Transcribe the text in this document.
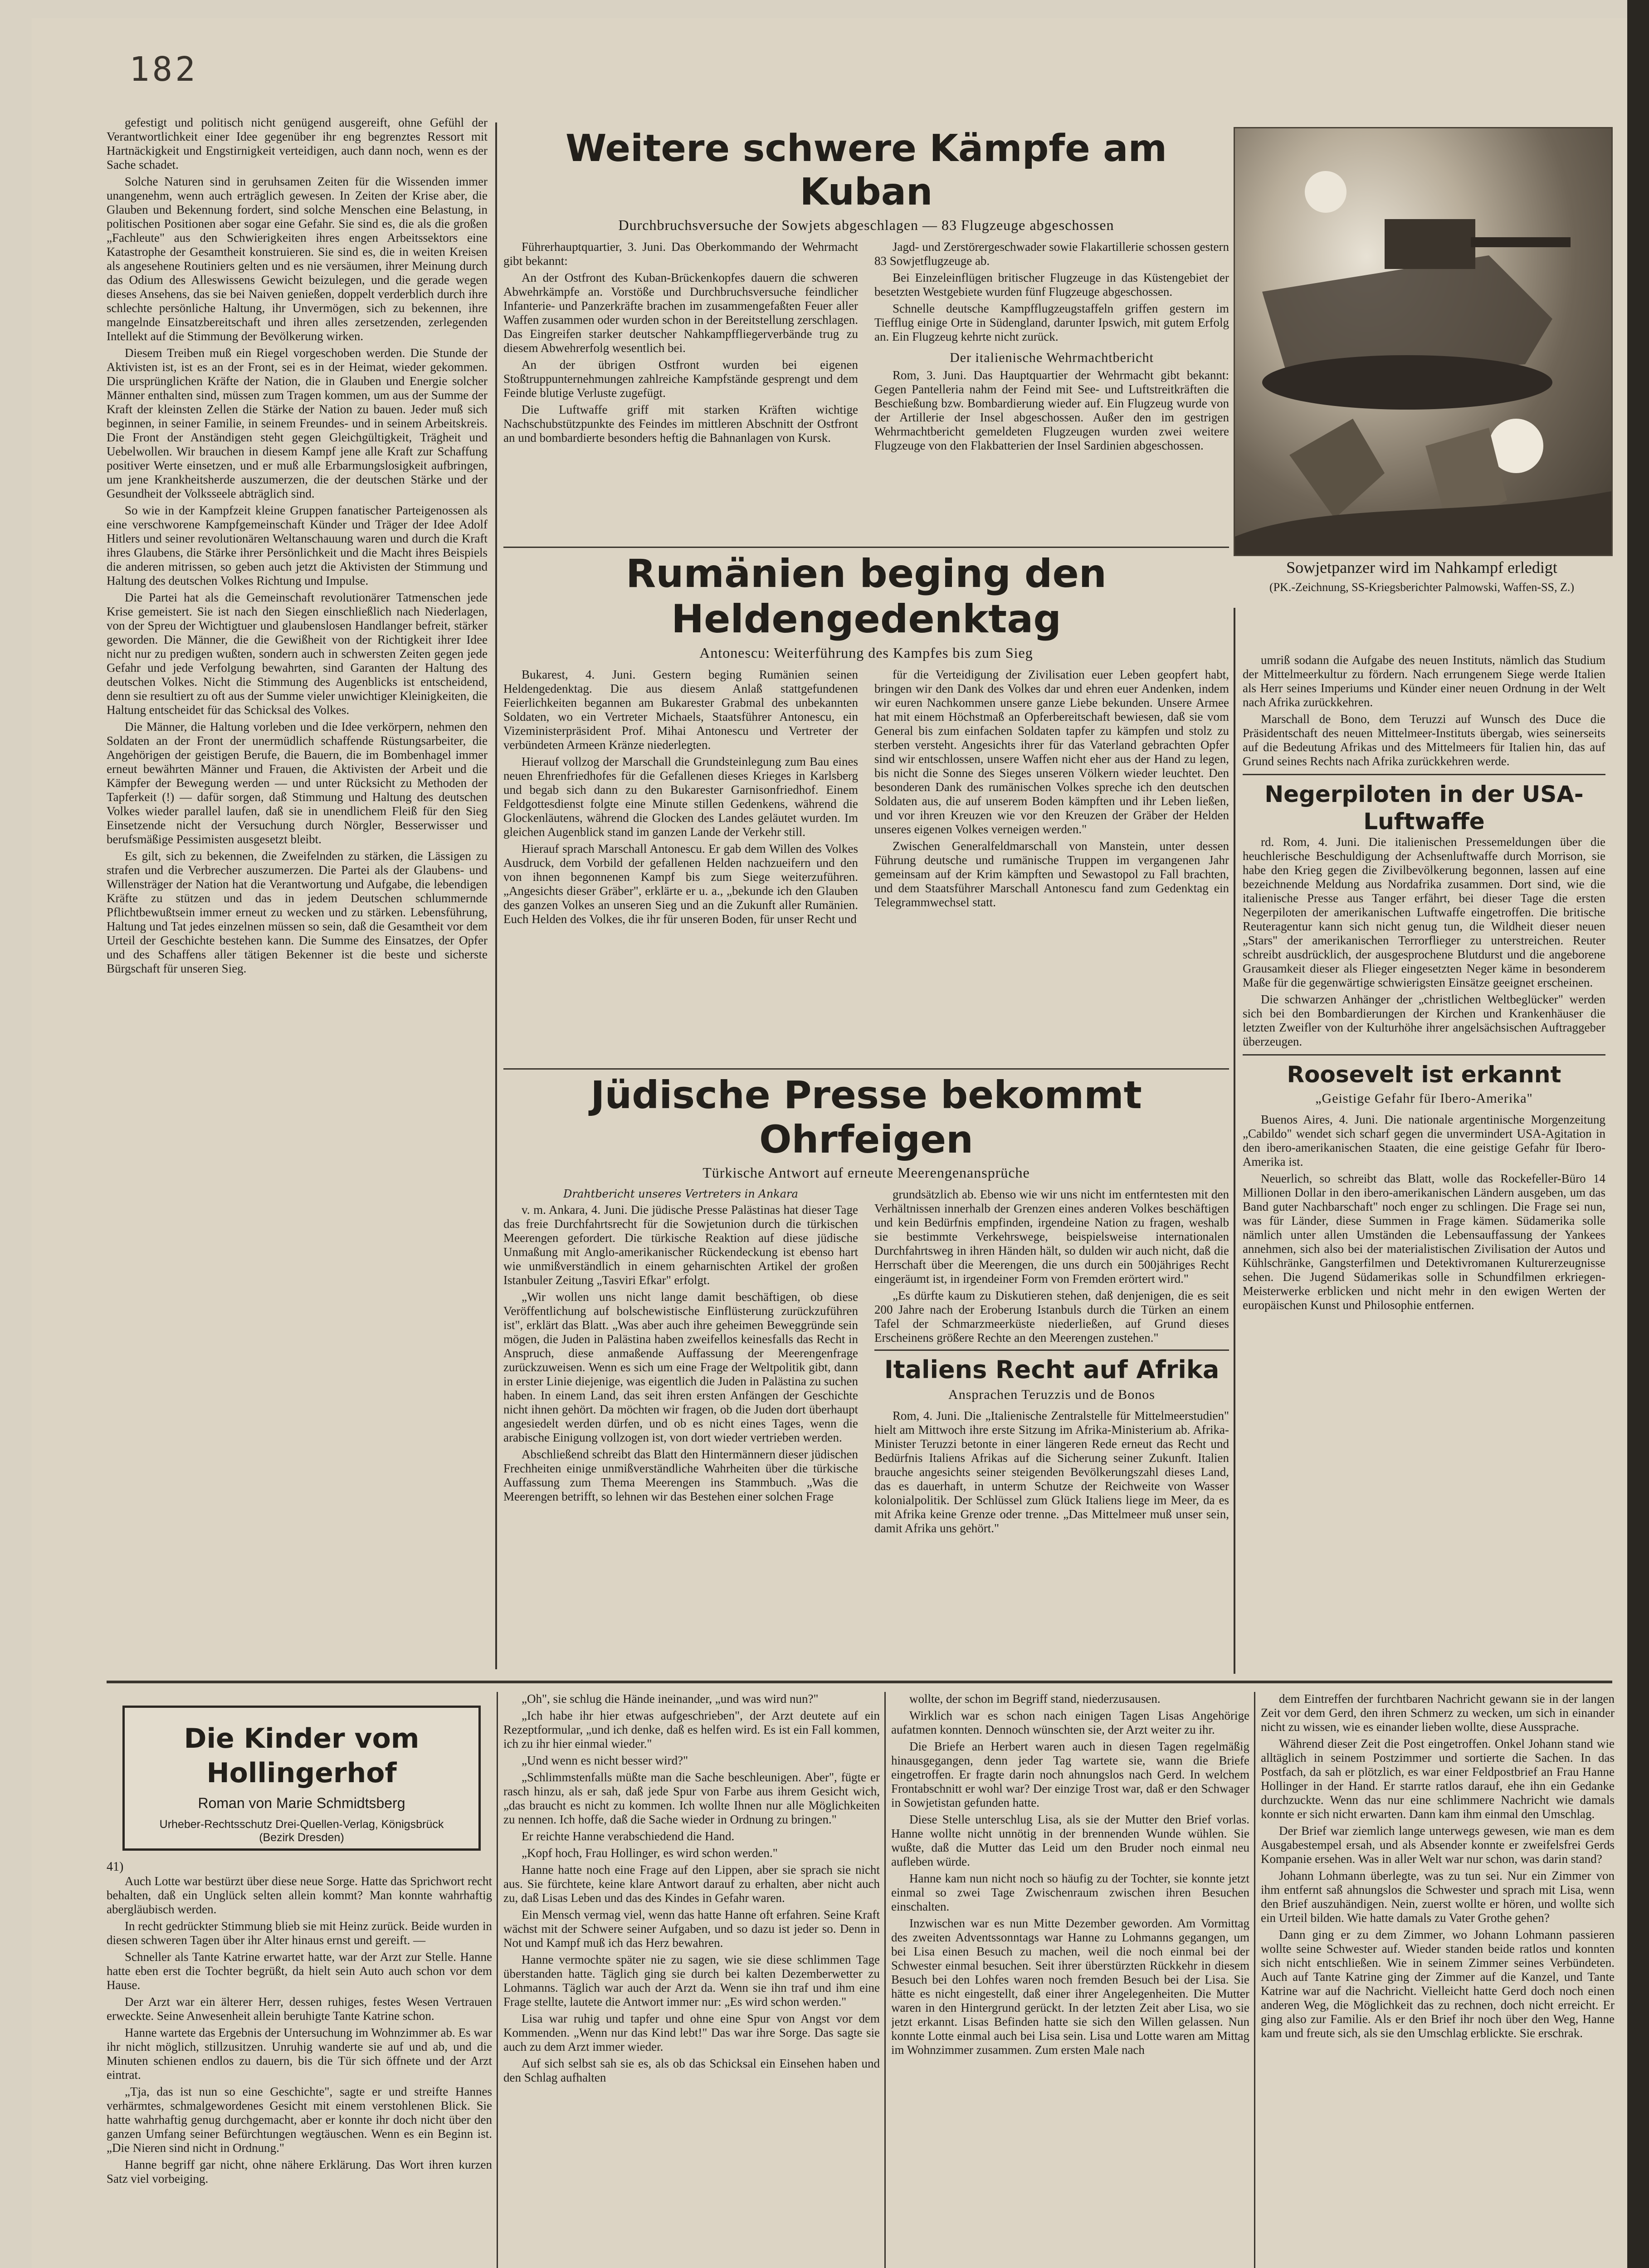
182

gefestigt und politisch nicht genügend ausgereift, ohne Gefühl der Verantwortlichkeit einer Idee gegenüber ihr eng begrenztes Ressort mit Hartnäckigkeit und Engstirnigkeit verteidigen, auch dann noch, wenn es der Sache schadet.

Solche Naturen sind in geruhsamen Zeiten für die Wissenden immer unangenehm, wenn auch erträglich gewesen. In Zeiten der Krise aber, die Glauben und Bekennung fordert, sind solche Menschen eine Belastung, in politischen Positionen aber sogar eine Gefahr. Sie sind es, die als die großen „Fachleute" aus den Schwierigkeiten ihres engen Arbeitssektors eine Katastrophe der Gesamtheit konstruieren. Sie sind es, die in weiten Kreisen als angesehene Routiniers gelten und es nie versäumen, ihrer Meinung durch das Odium des Alleswissens Gewicht beizulegen, und die gerade wegen dieses Ansehens, das sie bei Naiven genießen, doppelt verderblich durch ihre schlechte persönliche Haltung, ihr Unvermögen, sich zu bekennen, ihre mangelnde Einsatzbereitschaft und ihren alles zersetzenden, zerlegenden Intellekt auf die Stimmung der Bevölkerung wirken.

Diesem Treiben muß ein Riegel vorgeschoben werden. Die Stunde der Aktivisten ist, ist es an der Front, sei es in der Heimat, wieder gekommen. Die ursprünglichen Kräfte der Nation, die in Glauben und Energie solcher Männer enthalten sind, müssen zum Tragen kommen, um aus der Summe der Kraft der kleinsten Zellen die Stärke der Nation zu bauen. Jeder muß sich beginnen, in seiner Familie, in seinem Freundes- und in seinem Arbeitskreis. Die Front der Anständigen steht gegen Gleichgültigkeit, Trägheit und Uebelwollen. Wir brauchen in diesem Kampf jene alle Kraft zur Schaffung positiver Werte einsetzen, und er muß alle Erbarmungslosigkeit aufbringen, um jene Krankheitsherde auszumerzen, die der deutschen Stärke und der Gesundheit der Volksseele abträglich sind.

So wie in der Kampfzeit kleine Gruppen fanatischer Parteigenossen als eine verschworene Kampfgemeinschaft Künder und Träger der Idee Adolf Hitlers und seiner revolutionären Weltanschauung waren und durch die Kraft ihres Glaubens, die Stärke ihrer Persönlichkeit und die Macht ihres Beispiels die anderen mitrissen, so geben auch jetzt die Aktivisten der Stimmung und Haltung des deutschen Volkes Richtung und Impulse.

Die Partei hat als die Gemeinschaft revolutionärer Tatmenschen jede Krise gemeistert. Sie ist nach den Siegen einschließlich nach Niederlagen, von der Spreu der Wichtigtuer und glaubenslosen Handlanger befreit, stärker geworden. Die Männer, die die Gewißheit von der Richtigkeit ihrer Idee nicht nur zu predigen wußten, sondern auch in schwersten Zeiten gegen jede Gefahr und jede Verfolgung bewahrten, sind Garanten der Haltung des deutschen Volkes. Nicht die Stimmung des Augenblicks ist entscheidend, denn sie resultiert zu oft aus der Summe vieler unwichtiger Kleinigkeiten, die Haltung entscheidet für das Schicksal des Volkes.

Die Männer, die Haltung vorleben und die Idee verkörpern, nehmen den Soldaten an der Front der unermüdlich schaffende Rüstungsarbeiter, die Angehörigen der geistigen Berufe, die Bauern, die im Bombenhagel immer erneut bewährten Männer und Frauen, die Aktivisten der Arbeit und die Kämpfer der Bewegung werden — und unter Rücksicht zu Methoden der Tapferkeit (!) — dafür sorgen, daß Stimmung und Haltung des deutschen Volkes wieder parallel laufen, daß sie in unendlichem Fleiß für den Sieg Einsetzende nicht der Versuchung durch Nörgler, Besserwisser und berufsmäßige Pessimisten ausgesetzt bleibt.

Es gilt, sich zu bekennen, die Zweifelnden zu stärken, die Lässigen zu strafen und die Verbrecher auszumerzen. Die Partei als der Glaubens- und Willensträger der Nation hat die Verantwortung und Aufgabe, die lebendigen Kräfte zu stützen und das in jedem Deutschen schlummernde Pflichtbewußtsein immer erneut zu wecken und zu stärken. Lebensführung, Haltung und Tat jedes einzelnen müssen so sein, daß die Gesamtheit vor dem Urteil der Geschichte bestehen kann. Die Summe des Einsatzes, der Opfer und des Schaffens aller tätigen Bekenner ist die beste und sicherste Bürgschaft für unseren Sieg.

Weitere schwere Kämpfe am Kuban
Durchbruchsversuche der Sowjets abgeschlagen — 83 Flugzeuge abgeschossen

Führerhauptquartier, 3. Juni. Das Oberkommando der Wehrmacht gibt bekannt:

An der Ostfront des Kuban-Brückenkopfes dauern die schweren Abwehrkämpfe an. Vorstöße und Durchbruchsversuche feindlicher Infanterie- und Panzerkräfte brachen im zusammengefaßten Feuer aller Waffen zusammen oder wurden schon in der Bereitstellung zerschlagen. Das Eingreifen starker deutscher Nahkampffliegerverbände trug zu diesem Abwehrerfolg wesentlich bei.

An der übrigen Ostfront wurden bei eigenen Stoßtruppunternehmungen zahlreiche Kampfstände gesprengt und dem Feinde blutige Verluste zugefügt.

Die Luftwaffe griff mit starken Kräften wichtige Nachschubstützpunkte des Feindes im mittleren Abschnitt der Ostfront an und bombardierte besonders heftig die Bahnanlagen von Kursk.

Jagd- und Zerstörergeschwader sowie Flakartillerie schossen gestern 83 Sowjetflugzeuge ab.

Bei Einzeleinflügen britischer Flugzeuge in das Küstengebiet der besetzten Westgebiete wurden fünf Flugzeuge abgeschossen.

Schnelle deutsche Kampfflugzeugstaffeln griffen gestern im Tiefflug einige Orte in Südengland, darunter Ipswich, mit gutem Erfolg an. Ein Flugzeug kehrte nicht zurück.

Der italienische Wehrmachtbericht

Rom, 3. Juni. Das Hauptquartier der Wehrmacht gibt bekannt: Gegen Pantelleria nahm der Feind mit See- und Luftstreitkräften die Beschießung bzw. Bombardierung wieder auf. Ein Flugzeug wurde von der Artillerie der Insel abgeschossen. Außer den im gestrigen Wehrmachtbericht gemeldeten Flugzeugen wurden zwei weitere Flugzeuge von den Flakbatterien der Insel Sardinien abgeschossen.

Sowjetpanzer wird im Nahkampf erledigt
(PK.-Zeichnung, SS-Kriegsberichter Palmowski, Waffen-SS, Z.)
Rumänien beging den Heldengedenktag
Antonescu: Weiterführung des Kampfes bis zum Sieg

Bukarest, 4. Juni. Gestern beging Rumänien seinen Heldengedenktag. Die aus diesem Anlaß stattgefundenen Feierlichkeiten begannen am Bukarester Grabmal des unbekannten Soldaten, wo ein Vertreter Michaels, Staatsführer Antonescu, ein Vizeministerpräsident Prof. Mihai Antonescu und Vertreter der verbündeten Armeen Kränze niederlegten.

Hierauf vollzog der Marschall die Grundsteinlegung zum Bau eines neuen Ehrenfriedhofes für die Gefallenen dieses Krieges in Karlsberg und begab sich dann zu den Bukarester Garnisonfriedhof. Einem Feldgottesdienst folgte eine Minute stillen Gedenkens, während die Glockenläutens, während die Glocken des Landes geläutet wurden. Im gleichen Augenblick stand im ganzen Lande der Verkehr still.

Hierauf sprach Marschall Antonescu. Er gab dem Willen des Volkes Ausdruck, dem Vorbild der gefallenen Helden nachzueifern und den von ihnen begonnenen Kampf bis zum Siege weiterzuführen. „Angesichts dieser Gräber", erklärte er u. a., „bekunde ich den Glauben des ganzen Volkes an unseren Sieg und an die Zukunft aller Rumänien. Euch Helden des Volkes, die ihr für unseren Boden, für unser Recht und

für die Verteidigung der Zivilisation euer Leben geopfert habt, bringen wir den Dank des Volkes dar und ehren euer Andenken, indem wir euren Nachkommen unsere ganze Liebe bekunden. Unsere Armee hat mit einem Höchstmaß an Opferbereitschaft bewiesen, daß sie vom General bis zum einfachen Soldaten tapfer zu kämpfen und stolz zu sterben versteht. Angesichts ihrer für das Vaterland gebrachten Opfer sind wir entschlossen, unsere Waffen nicht eher aus der Hand zu legen, bis nicht die Sonne des Sieges unseren Völkern wieder leuchtet. Den besonderen Dank des rumänischen Volkes spreche ich den deutschen Soldaten aus, die auf unserem Boden kämpften und ihr Leben ließen, und vor ihren Kreuzen wie vor den Kreuzen der Gräber der Helden unseres eigenen Volkes verneigen werden."

Zwischen Generalfeldmarschall von Manstein, unter dessen Führung deutsche und rumänische Truppen im vergangenen Jahr gemeinsam auf der Krim kämpften und Sewastopol zu Fall brachten, und dem Staatsführer Marschall Antonescu fand zum Gedenktag ein Telegrammwechsel statt.

Jüdische Presse bekommt Ohrfeigen
Türkische Antwort auf erneute Meerengenansprüche
Drahtbericht unseres Vertreters in Ankara

v. m. Ankara, 4. Juni. Die jüdische Presse Palästinas hat dieser Tage das freie Durchfahrtsrecht für die Sowjetunion durch die türkischen Meerengen gefordert. Die türkische Reaktion auf diese jüdische Unmaßung mit Anglo-amerikanischer Rückendeckung ist ebenso hart wie unmißverständlich in einem geharnischten Artikel der großen Istanbuler Zeitung „Tasviri Efkar" erfolgt.

„Wir wollen uns nicht lange damit beschäftigen, ob diese Veröffentlichung auf bolschewistische Einflüsterung zurückzuführen ist", erklärt das Blatt. „Was aber auch ihre geheimen Beweggründe sein mögen, die Juden in Palästina haben zweifellos keinesfalls das Recht in Anspruch, diese anmaßende Auffassung der Meerengenfrage zurückzuweisen. Wenn es sich um eine Frage der Weltpolitik gibt, dann in erster Linie diejenige, was eigentlich die Juden in Palästina zu suchen haben. In einem Land, das seit ihren ersten Anfängen der Geschichte nicht ihnen gehört. Da möchten wir fragen, ob die Juden dort überhaupt angesiedelt werden dürfen, und ob es nicht eines Tages, wenn die arabische Einigung vollzogen ist, von dort wieder vertrieben werden.

Abschließend schreibt das Blatt den Hintermännern dieser jüdischen Frechheiten einige unmißverständliche Wahrheiten über die türkische Auffassung zum Thema Meerengen ins Stammbuch. „Was die Meerengen betrifft, so lehnen wir das Bestehen einer solchen Frage

grundsätzlich ab. Ebenso wie wir uns nicht im entferntesten mit den Verhältnissen innerhalb der Grenzen eines anderen Volkes beschäftigen und kein Bedürfnis empfinden, irgendeine Nation zu fragen, weshalb sie bestimmte Verkehrswege, beispielsweise internationalen Durchfahrtsweg in ihren Händen hält, so dulden wir auch nicht, daß die Herrschaft über die Meerengen, die uns durch ein 500jähriges Recht eingeräumt ist, in irgendeiner Form von Fremden erörtert wird."

„Es dürfte kaum zu Diskutieren stehen, daß denjenigen, die es seit 200 Jahre nach der Eroberung Istanbuls durch die Türken an einem Tafel der Schmarzmeerküste niederließen, auf Grund dieses Erscheinens größere Rechte an den Meerengen zustehen."

Italiens Recht auf Afrika
Ansprachen Teruzzis und de Bonos

Rom, 4. Juni. Die „Italienische Zentralstelle für Mittelmeerstudien" hielt am Mittwoch ihre erste Sitzung im Afrika-Ministerium ab. Afrika-Minister Teruzzi betonte in einer längeren Rede erneut das Recht und Bedürfnis Italiens Afrikas auf die Sicherung seiner Zukunft. Italien brauche angesichts seiner steigenden Bevölkerungszahl dieses Land, das es dauerhaft, in unterm Schutze der Reichweite von Wasser kolonialpolitik. Der Schlüssel zum Glück Italiens liege im Meer, da es mit Afrika keine Grenze oder trenne. „Das Mittelmeer muß unser sein, damit Afrika uns gehört."

umriß sodann die Aufgabe des neuen Instituts, nämlich das Studium der Mittelmeerkultur zu fördern. Nach errungenem Siege werde Italien als Herr seines Imperiums und Künder einer neuen Ordnung in der Welt nach Afrika zurückkehren.

Marschall de Bono, dem Teruzzi auf Wunsch des Duce die Präsidentschaft des neuen Mittelmeer-Instituts übergab, wies seinerseits auf die Bedeutung Afrikas und des Mittelmeers für Italien hin, das auf Grund seines Rechts nach Afrika zurückkehren werde.

Negerpiloten in der USA-Luftwaffe

rd. Rom, 4. Juni. Die italienischen Pressemeldungen über die heuchlerische Beschuldigung der Achsenluftwaffe durch Morrison, sie habe den Krieg gegen die Zivilbevölkerung begonnen, lassen auf eine bezeichnende Meldung aus Nordafrika zusammen. Dort sind, wie die italienische Presse aus Tanger erfährt, bei dieser Tage die ersten Negerpiloten der amerikanischen Luftwaffe eingetroffen. Die britische Reuteragentur kann sich nicht genug tun, die Wildheit dieser neuen „Stars" der amerikanischen Terrorflieger zu unterstreichen. Reuter schreibt ausdrücklich, der ausgesprochene Blutdurst und die angeborene Grausamkeit dieser als Flieger eingesetzten Neger käme in besonderem Maße für die gegenwärtige schwierigsten Einsätze geeignet erscheinen.

Die schwarzen Anhänger der „christlichen Weltbeglücker" werden sich bei den Bombardierungen der Kirchen und Krankenhäuser die letzten Zweifler von der Kulturhöhe ihrer angelsächsischen Auftraggeber überzeugen.

Roosevelt ist erkannt
„Geistige Gefahr für Ibero-Amerika"

Buenos Aires, 4. Juni. Die nationale argentinische Morgenzeitung „Cabildo" wendet sich scharf gegen die unvermindert USA-Agitation in den ibero-amerikanischen Staaten, die eine geistige Gefahr für Ibero-Amerika ist.

Neuerlich, so schreibt das Blatt, wolle das Rockefeller-Büro 14 Millionen Dollar in den ibero-amerikanischen Ländern ausgeben, um das Band guter Nachbarschaft" noch enger zu schlingen. Die Frage sei nun, was für Länder, diese Summen in Frage kämen. Südamerika solle nämlich unter allen Umständen die Lebensauffassung der Yankees annehmen, sich also bei der materialistischen Zivilisation der Autos und Kühlschränke, Gangsterfilmen und Detektivromanen Kulturerzeugnisse sehen. Die Jugend Südamerikas solle in Schundfilmen erkriegen-Meisterwerke erblicken und nicht mehr in den ewigen Werten der europäischen Kunst und Philosophie entfernen.

Die Kinder vom Hollingerhof
Roman von Marie Schmidtsberg
Urheber-Rechtsschutz Drei-Quellen-Verlag, Königsbrück (Bezirk Dresden)
41)

Auch Lotte war bestürzt über diese neue Sorge. Hatte das Sprichwort recht behalten, daß ein Unglück selten allein kommt? Man konnte wahrhaftig abergläubisch werden.

In recht gedrückter Stimmung blieb sie mit Heinz zurück. Beide wurden in diesen schweren Tagen über ihr Alter hinaus ernst und gereift. —

Schneller als Tante Katrine erwartet hatte, war der Arzt zur Stelle. Hanne hatte eben erst die Tochter begrüßt, da hielt sein Auto auch schon vor dem Hause.

Der Arzt war ein älterer Herr, dessen ruhiges, festes Wesen Vertrauen erweckte. Seine Anwesenheit allein beruhigte Tante Katrine schon.

Hanne wartete das Ergebnis der Untersuchung im Wohnzimmer ab. Es war ihr nicht möglich, stillzusitzen. Unruhig wanderte sie auf und ab, und die Minuten schienen endlos zu dauern, bis die Tür sich öffnete und der Arzt eintrat.

„Tja, das ist nun so eine Geschichte", sagte er und streifte Hannes verhärmtes, schmalgewordenes Gesicht mit einem verstohlenen Blick. Sie hatte wahrhaftig genug durchgemacht, aber er konnte ihr doch nicht über den ganzen Umfang seiner Befürchtungen wegtäuschen. Wenn es ein Beginn ist. „Die Nieren sind nicht in Ordnung."

Hanne begriff gar nicht, ohne nähere Erklärung. Das Wort ihren kurzen Satz viel vorbeiging.

„Oh", sie schlug die Hände ineinander, „und was wird nun?"

„Ich habe ihr hier etwas aufgeschrieben", der Arzt deutete auf ein Rezeptformular, „und ich denke, daß es helfen wird. Es ist ein Fall kommen, ich zu ihr hier einmal wieder."

„Und wenn es nicht besser wird?"

„Schlimmstenfalls müßte man die Sache beschleunigen. Aber", fügte er rasch hinzu, als er sah, daß jede Spur von Farbe aus ihrem Gesicht wich, „das braucht es nicht zu kommen. Ich wollte Ihnen nur alle Möglichkeiten zu nennen. Ich hoffe, daß die Sache wieder in Ordnung zu bringen."

Er reichte Hanne verabschiedend die Hand.

„Kopf hoch, Frau Hollinger, es wird schon werden."

Hanne hatte noch eine Frage auf den Lippen, aber sie sprach sie nicht aus. Sie fürchtete, keine klare Antwort darauf zu erhalten, aber nicht auch zu, daß Lisas Leben und das des Kindes in Gefahr waren.

Ein Mensch vermag viel, wenn das hatte Hanne oft erfahren. Seine Kraft wächst mit der Schwere seiner Aufgaben, und so dazu ist jeder so. Denn in Not und Kampf muß ich das Herz bewahren.

Hanne vermochte später nie zu sagen, wie sie diese schlimmen Tage überstanden hatte. Täglich ging sie durch bei kalten Dezemberwetter zu Lohmanns. Täglich war auch der Arzt da. Wenn sie ihn traf und ihm eine Frage stellte, lautete die Antwort immer nur: „Es wird schon werden."

Lisa war ruhig und tapfer und ohne eine Spur von Angst vor dem Kommenden. „Wenn nur das Kind lebt!" Das war ihre Sorge. Das sagte sie auch zu dem Arzt immer wieder.

Auf sich selbst sah sie es, als ob das Schicksal ein Einsehen haben und den Schlag aufhalten

wollte, der schon im Begriff stand, niederzusausen.

Wirklich war es schon nach einigen Tagen Lisas Angehörige aufatmen konnten. Dennoch wünschten sie, der Arzt weiter zu ihr.

Die Briefe an Herbert waren auch in diesen Tagen regelmäßig hinausgegangen, denn jeder Tag wartete sie, wann die Briefe eingetroffen. Er fragte darin noch ahnungslos nach Gerd. In welchem Frontabschnitt er wohl war? Der einzige Trost war, daß er den Schwager in Sowjetistan gefunden hatte.

Diese Stelle unterschlug Lisa, als sie der Mutter den Brief vorlas. Hanne wollte nicht unnötig in der brennenden Wunde wühlen. Sie wußte, daß die Mutter das Leid um den Bruder noch einmal neu aufleben würde.

Hanne kam nun nicht noch so häufig zu der Tochter, sie konnte jetzt einmal so zwei Tage Zwischenraum zwischen ihren Besuchen einschalten.

Inzwischen war es nun Mitte Dezember geworden. Am Vormittag des zweiten Adventssonntags war Hanne zu Lohmanns gegangen, um bei Lisa einen Besuch zu machen, weil die noch einmal bei der Schwester einmal besuchen. Seit ihrer überstürzten Rückkehr in diesem Besuch bei den Lohfes waren noch fremden Besuch bei der Lisa. Sie hätte es nicht eingestellt, daß einer ihrer Angelegenheiten. Die Mutter waren in den Hintergrund gerückt. In der letzten Zeit aber Lisa, wo sie jetzt erkannt. Lisas Befinden hatte sie sich den Willen gelassen. Nun konnte Lotte einmal auch bei Lisa sein. Lisa und Lotte waren am Mittag im Wohnzimmer zusammen. Zum ersten Male nach

dem Eintreffen der furchtbaren Nachricht gewann sie in der langen Zeit vor dem Gerd, den ihren Schmerz zu wecken, um sich in einander nicht zu wissen, wie es einander lieben wollte, diese Aussprache.

Während dieser Zeit die Post eingetroffen. Onkel Johann stand wie alltäglich in seinem Postzimmer und sortierte die Sachen. In das Postfach, da sah er plötzlich, es war einer Feldpostbrief an Frau Hanne Hollinger in der Hand. Er starrte ratlos darauf, ehe ihn ein Gedanke durchzuckte. Wenn das nur eine schlimmere Nachricht wie damals konnte er sich nicht erwarten. Dann kam ihm einmal den Umschlag.

Der Brief war ziemlich lange unterwegs gewesen, wie man es dem Ausgabestempel ersah, und als Absender konnte er zweifelsfrei Gerds Kompanie ersehen. Was in aller Welt war nur schon, was darin stand?

Johann Lohmann überlegte, was zu tun sei. Nur ein Zimmer von ihm entfernt saß ahnungslos die Schwester und sprach mit Lisa, wenn den Brief auszuhändigen. Nein, zuerst wollte er hören, und wollte sich ein Urteil bilden. Wie hatte damals zu Vater Grothe gehen?

Dann ging er zu dem Zimmer, wo Johann Lohmann passieren wollte seine Schwester auf. Wieder standen beide ratlos und konnten sich nicht entschließen. Wie in seinem Zimmer seines Verbündeten. Auch auf Tante Katrine ging der Zimmer auf die Kanzel, und Tante Katrine war auf die Nachricht. Vielleicht hatte Gerd doch noch einen anderen Weg, die Möglichkeit das zu rechnen, doch nicht erreicht. Er ging also zur Familie. Als er den Brief ihr noch über den Weg, Hanne kam und freute sich, als sie den Umschlag erblickte. Sie erschrak.
